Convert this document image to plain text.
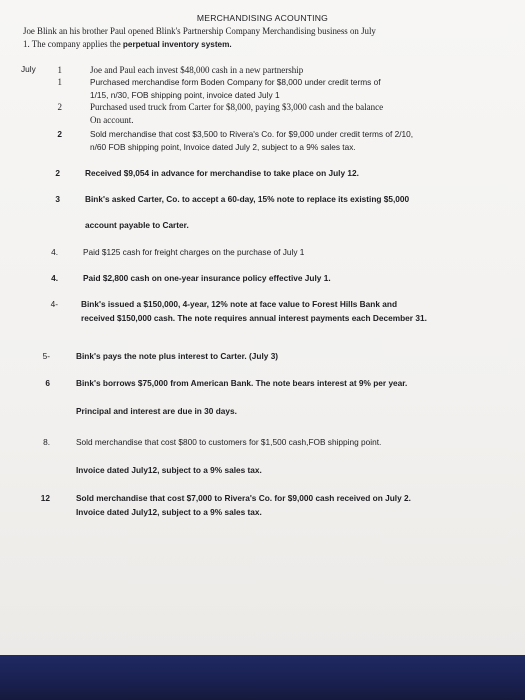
MERCHANDISING ACOUNTING
Joe Blink an his brother Paul opened Blink's Partnership Company Merchandising business on July
1. The company applies the perpetual inventory system.
July	1	Joe and Paul each invest $48,000 cash in a new partnership
1	Purchased merchandise form Boden Company for $8,000 under credit terms of
1/15, n/30, FOB shipping point, invoice dated July 1
2	Purchased used truck from Carter for $8,000, paying $3,000 cash and the balance
On account.
2	Sold merchandise that cost $3,500 to Rivera's Co. for $9,000 under credit terms of 2/10,
n/60 FOB shipping point, Invoice dated July 2, subject to a 9% sales tax.
2	Received $9,054 in advance for merchandise to take place on July 12.
3	Bink's asked Carter, Co. to accept a 60-day, 15% note to replace its existing $5,000
account payable to Carter.
4.	Paid $125 cash for freight charges on the purchase of July 1
4.	Paid $2,800 cash on one-year insurance policy effective July 1.
4-	Bink's issued a $150,000, 4-year, 12% note at face value to Forest Hills Bank and
received $150,000 cash. The note requires annual interest payments each December 31.
5-	Bink's pays the note plus interest to Carter. (July 3)
6	Bink's borrows $75,000 from American Bank. The note bears interest at 9% per year.
Principal and interest are due in 30 days.
8.	Sold merchandise that cost $800 to customers for $1,500 cash,FOB shipping point.
Invoice dated July12, subject to a 9% sales tax.
12	Sold merchandise that cost $7,000 to Rivera's Co. for $9,000 cash received on July 2.
Invoice dated July12, subject to a 9% sales tax.
